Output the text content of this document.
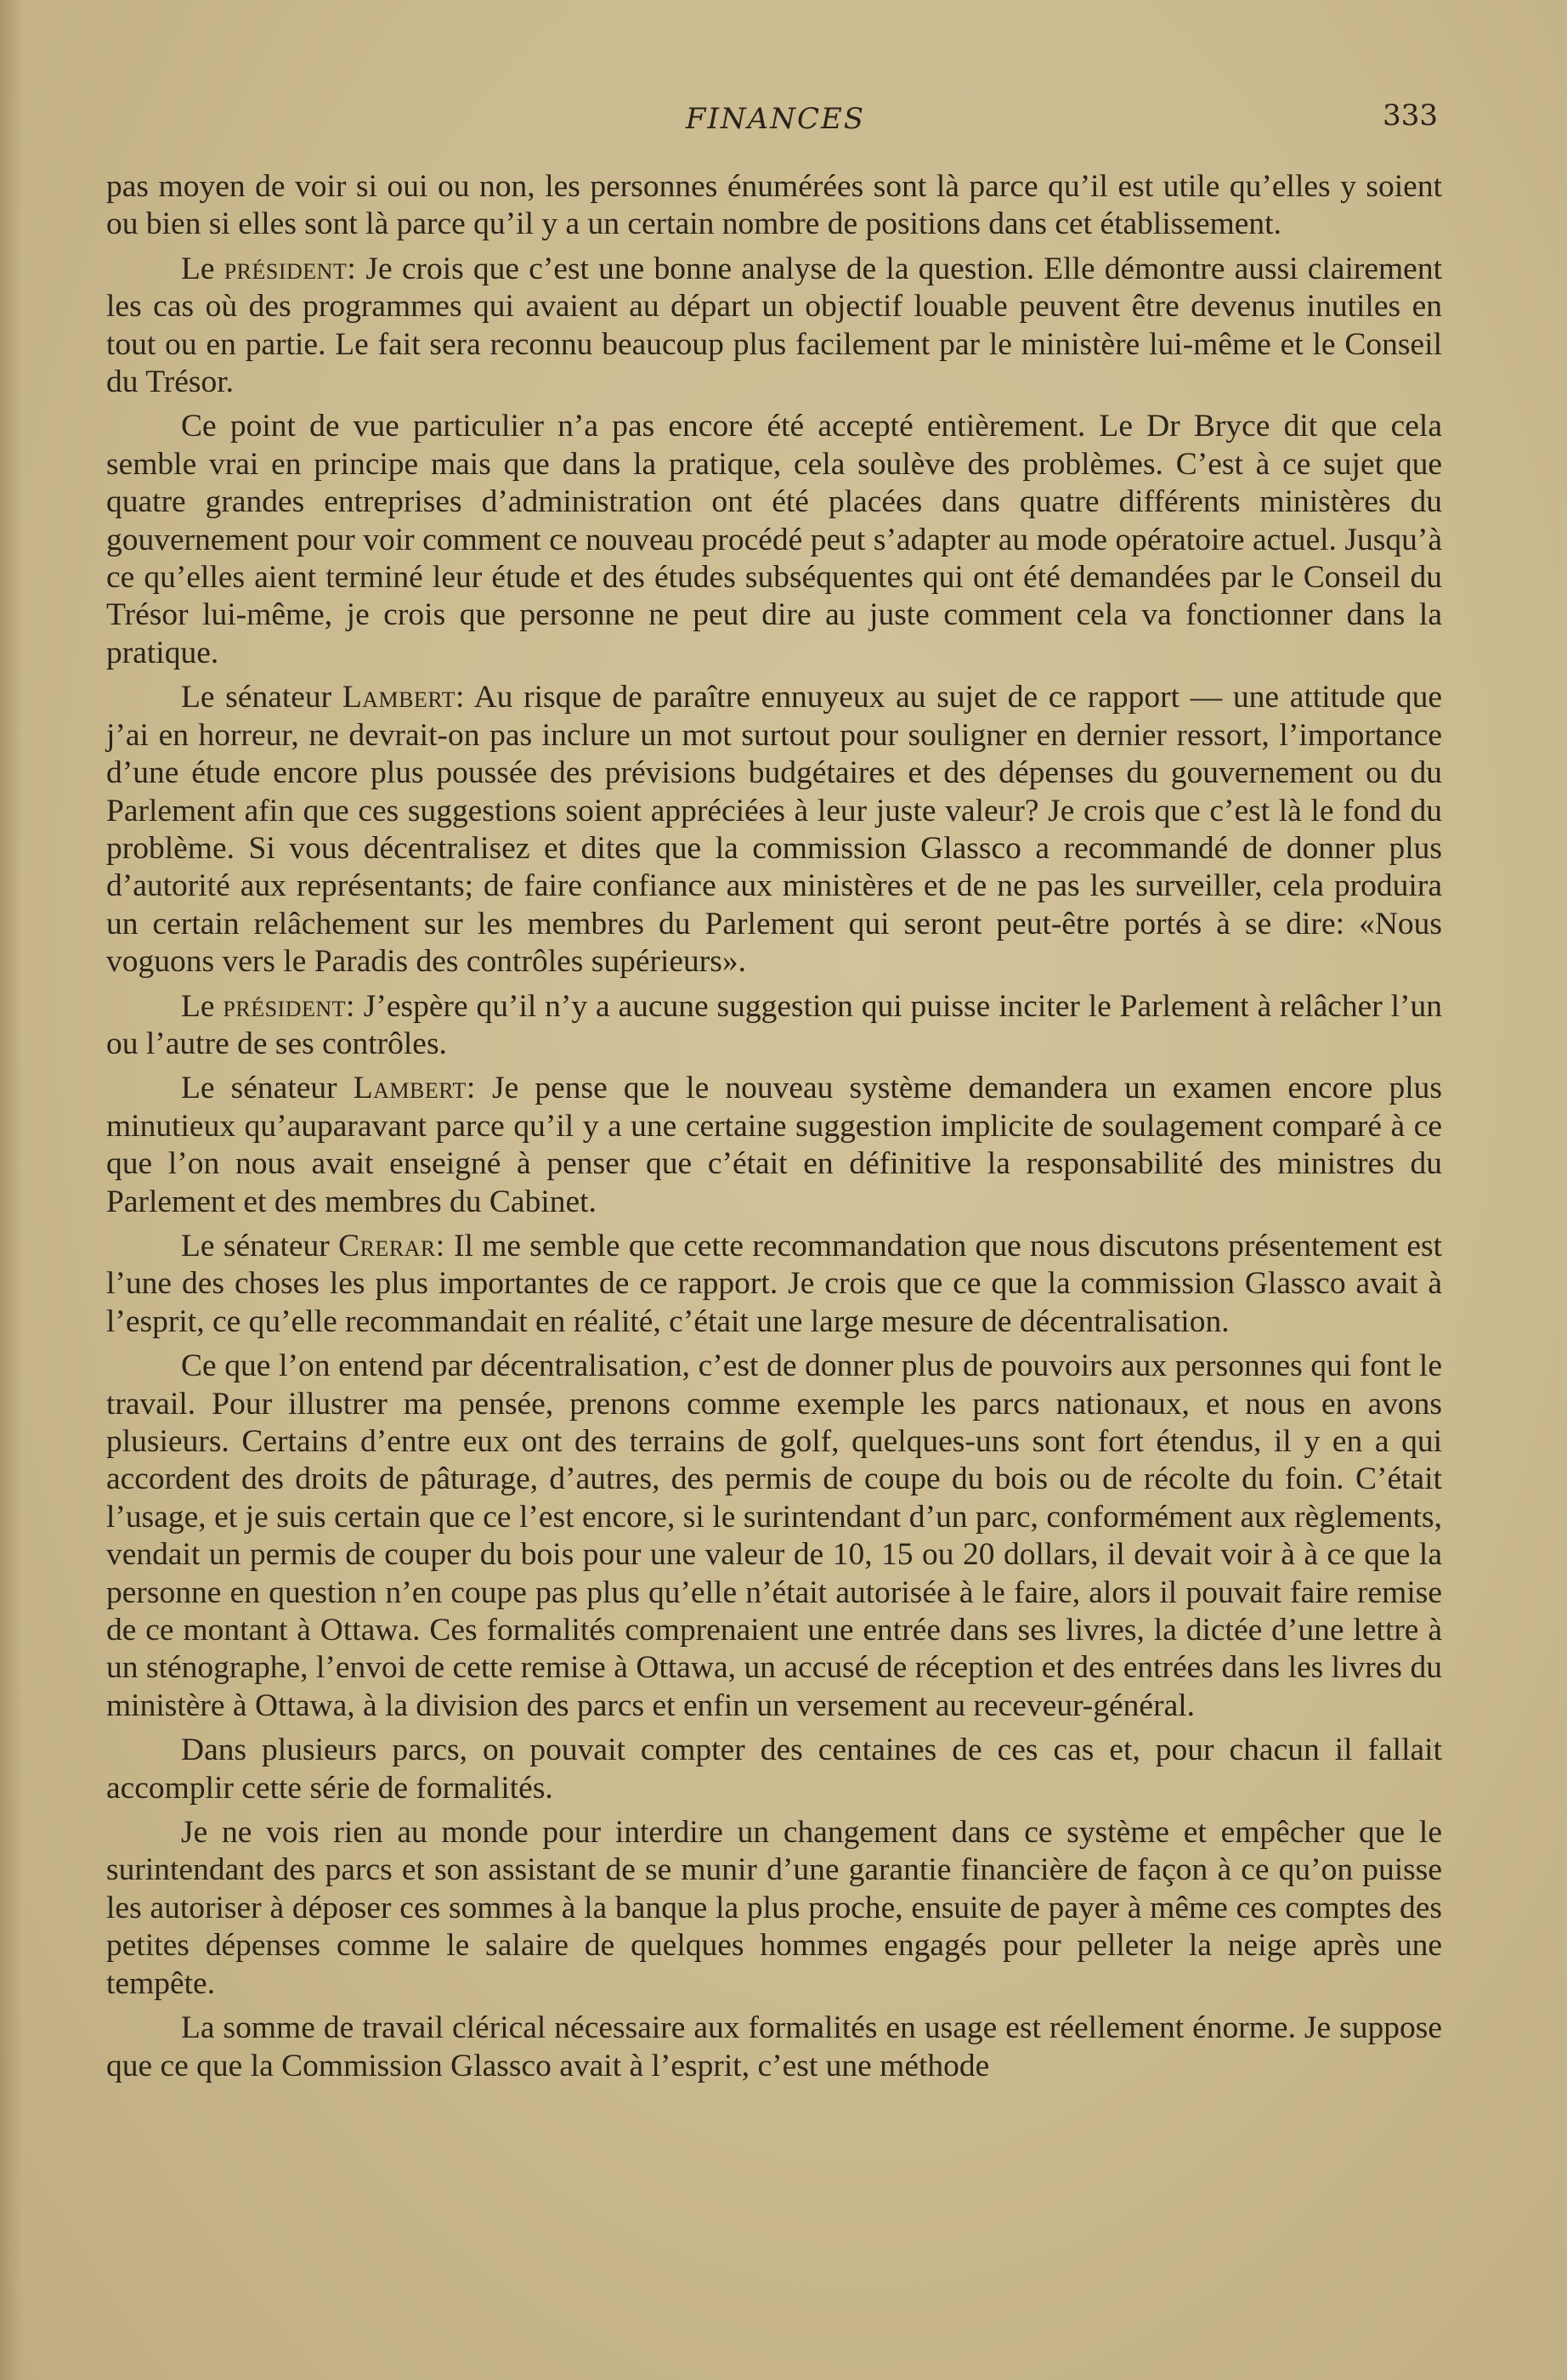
FINANCES	333

pas moyen de voir si oui ou non, les personnes énumérées sont là parce qu’il est utile qu’elles y soient ou bien si elles sont là parce qu’il y a un certain nombre de positions dans cet établissement.

Le président: Je crois que c’est une bonne analyse de la question. Elle démontre aussi clairement les cas où des programmes qui avaient au départ un objectif louable peuvent être devenus inutiles en tout ou en partie. Le fait sera reconnu beaucoup plus facilement par le ministère lui-même et le Conseil du Trésor.

Ce point de vue particulier n’a pas encore été accepté entièrement. Le Dr Bryce dit que cela semble vrai en principe mais que dans la pratique, cela soulève des problèmes. C’est à ce sujet que quatre grandes entreprises d’administration ont été placées dans quatre différents ministères du gouvernement pour voir comment ce nouveau procédé peut s’adapter au mode opératoire actuel. Jusqu’à ce qu’elles aient terminé leur étude et des études subséquentes qui ont été demandées par le Conseil du Trésor lui-même, je crois que personne ne peut dire au juste comment cela va fonctionner dans la pratique.

Le sénateur Lambert: Au risque de paraître ennuyeux au sujet de ce rapport — une attitude que j’ai en horreur, ne devrait-on pas inclure un mot surtout pour souligner en dernier ressort, l’importance d’une étude encore plus poussée des prévisions budgétaires et des dépenses du gouvernement ou du Parlement afin que ces suggestions soient appréciées à leur juste valeur? Je crois que c’est là le fond du problème. Si vous décentralisez et dites que la commission Glassco a recommandé de donner plus d’autorité aux représentants; de faire confiance aux ministères et de ne pas les surveiller, cela produira un certain relâchement sur les membres du Parlement qui seront peut-être portés à se dire: «Nous voguons vers le Paradis des contrôles supérieurs».

Le président: J’espère qu’il n’y a aucune suggestion qui puisse inciter le Parlement à relâcher l’un ou l’autre de ses contrôles.

Le sénateur Lambert: Je pense que le nouveau système demandera un examen encore plus minutieux qu’auparavant parce qu’il y a une certaine suggestion implicite de soulagement comparé à ce que l’on nous avait enseigné à penser que c’était en définitive la responsabilité des ministres du Parlement et des membres du Cabinet.

Le sénateur Crerar: Il me semble que cette recommandation que nous discutons présentement est l’une des choses les plus importantes de ce rapport. Je crois que ce que la commission Glassco avait à l’esprit, ce qu’elle recommandait en réalité, c’était une large mesure de décentralisation.

Ce que l’on entend par décentralisation, c’est de donner plus de pouvoirs aux personnes qui font le travail. Pour illustrer ma pensée, prenons comme exemple les parcs nationaux, et nous en avons plusieurs. Certains d’entre eux ont des terrains de golf, quelques-uns sont fort étendus, il y en a qui accordent des droits de pâturage, d’autres, des permis de coupe du bois ou de récolte du foin. C’était l’usage, et je suis certain que ce l’est encore, si le surintendant d’un parc, conformément aux règlements, vendait un permis de couper du bois pour une valeur de 10, 15 ou 20 dollars, il devait voir à à ce que la personne en question n’en coupe pas plus qu’elle n’était autorisée à le faire, alors il pouvait faire remise de ce montant à Ottawa. Ces formalités comprenaient une entrée dans ses livres, la dictée d’une lettre à un sténographe, l’envoi de cette remise à Ottawa, un accusé de réception et des entrées dans les livres du ministère à Ottawa, à la division des parcs et enfin un versement au receveur-général.

Dans plusieurs parcs, on pouvait compter des centaines de ces cas et, pour chacun il fallait accomplir cette série de formalités.

Je ne vois rien au monde pour interdire un changement dans ce système et empêcher que le surintendant des parcs et son assistant de se munir d’une garantie financière de façon à ce qu’on puisse les autoriser à déposer ces sommes à la banque la plus proche, ensuite de payer à même ces comptes des petites dépenses comme le salaire de quelques hommes engagés pour pelleter la neige après une tempête.

La somme de travail clérical nécessaire aux formalités en usage est réellement énorme. Je suppose que ce que la Commission Glassco avait à l’esprit, c’est une méthode
